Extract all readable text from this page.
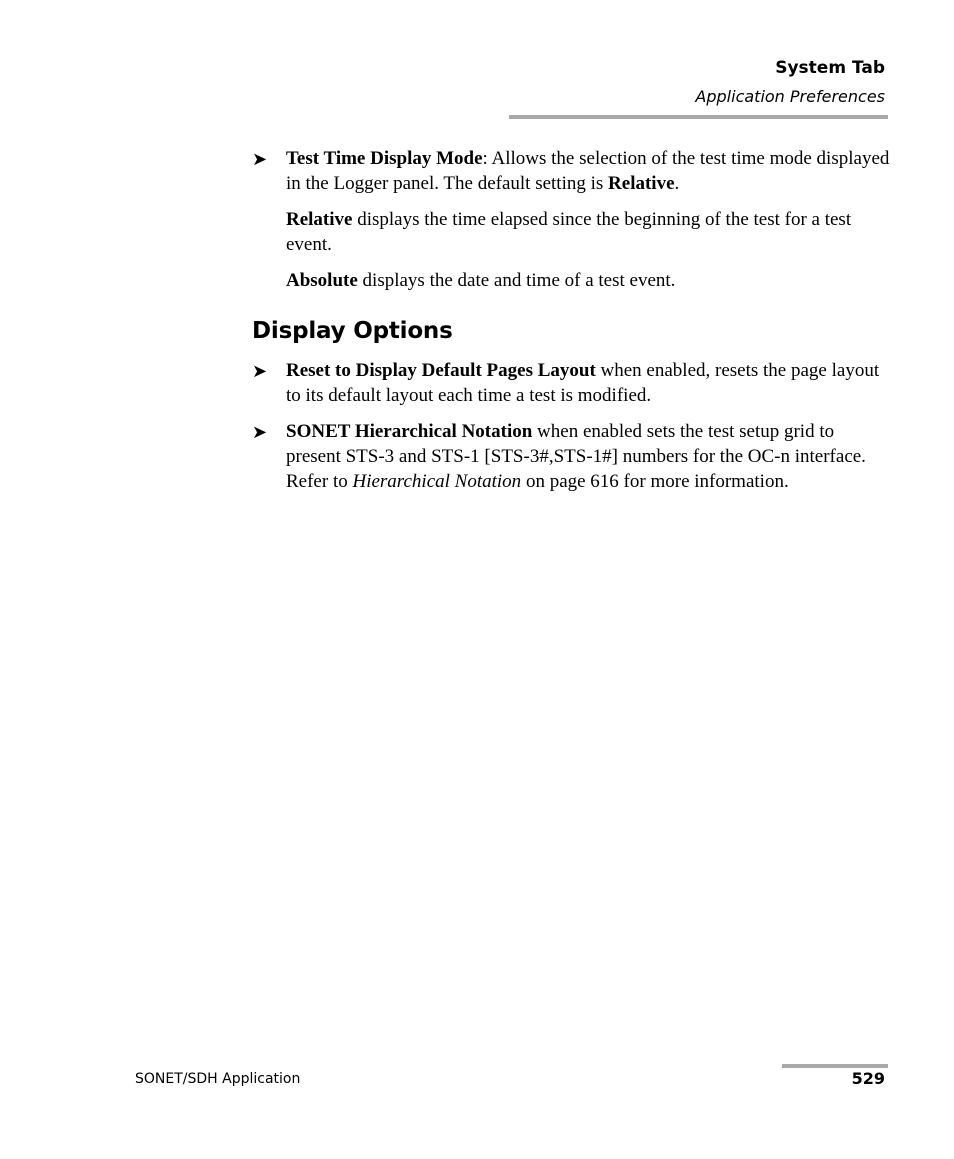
System Tab
Application Preferences
➤ Test Time Display Mode: Allows the selection of the test time mode displayed in the Logger panel. The default setting is Relative.
Relative displays the time elapsed since the beginning of the test for a test event.
Absolute displays the date and time of a test event.
Display Options
➤ Reset to Display Default Pages Layout when enabled, resets the page layout to its default layout each time a test is modified.
➤ SONET Hierarchical Notation when enabled sets the test setup grid to present STS-3 and STS-1 [STS-3#,STS-1#] numbers for the OC-n interface. Refer to Hierarchical Notation on page 616 for more information.
SONET/SDH Application	529
